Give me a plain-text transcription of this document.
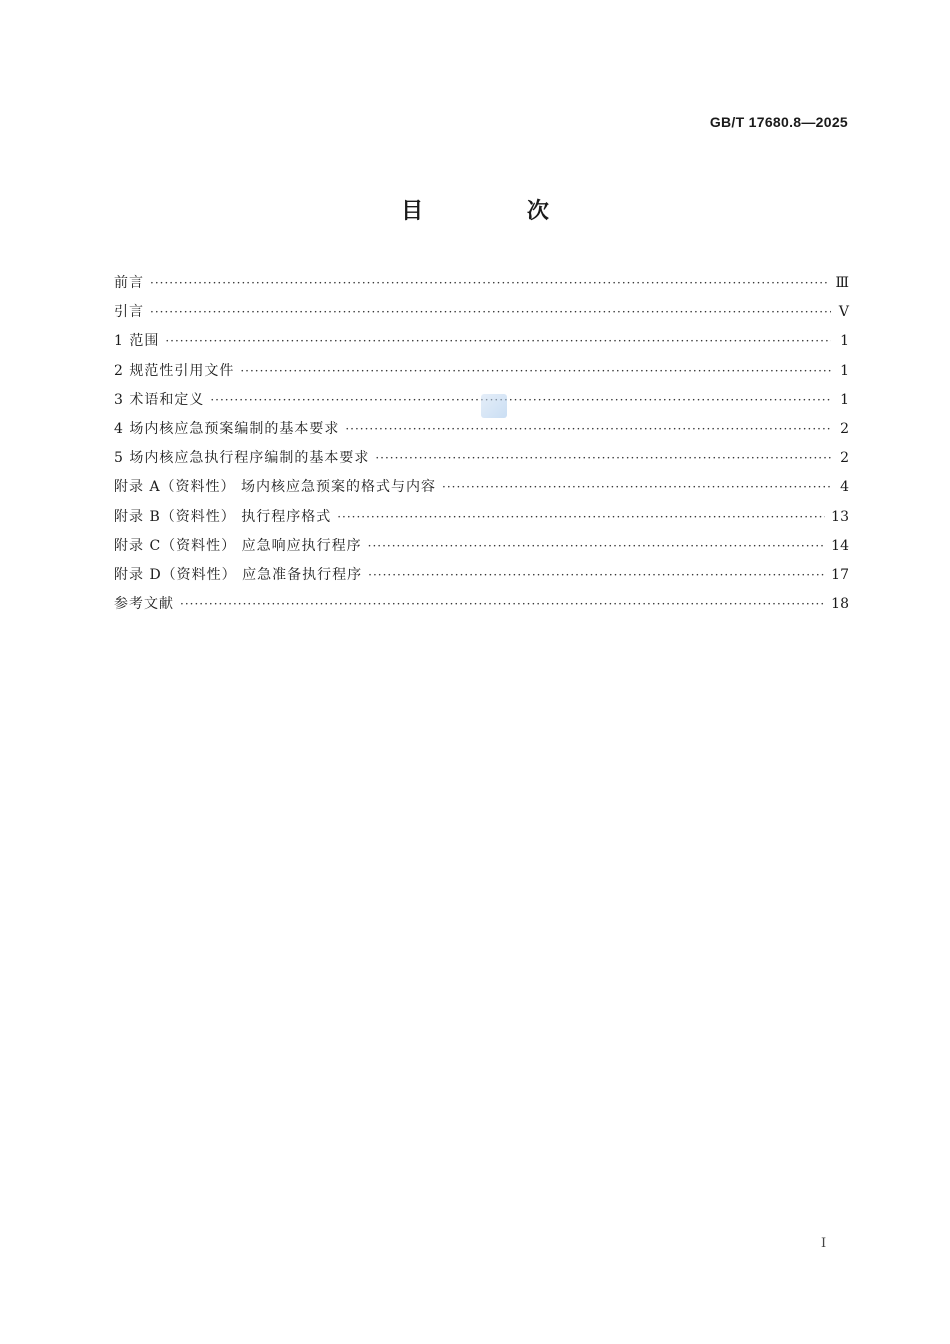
GB/T 17680.8—2025
目 次
前言 ·····	Ⅲ
引言 ·····	Ⅴ
1 范围 ·····	1
2 规范性引用文件 ·····	1
3 术语和定义 ·····	1
4 场内核应急预案编制的基本要求 ·····	2
5 场内核应急执行程序编制的基本要求 ·····	2
附录 A（资料性） 场内核应急预案的格式与内容 ·····	4
附录 B（资料性） 执行程序格式 ·····	13
附录 C（资料性） 应急响应执行程序 ·····	14
附录 D（资料性） 应急准备执行程序 ·····	17
参考文献 ·····	18
Ⅰ
